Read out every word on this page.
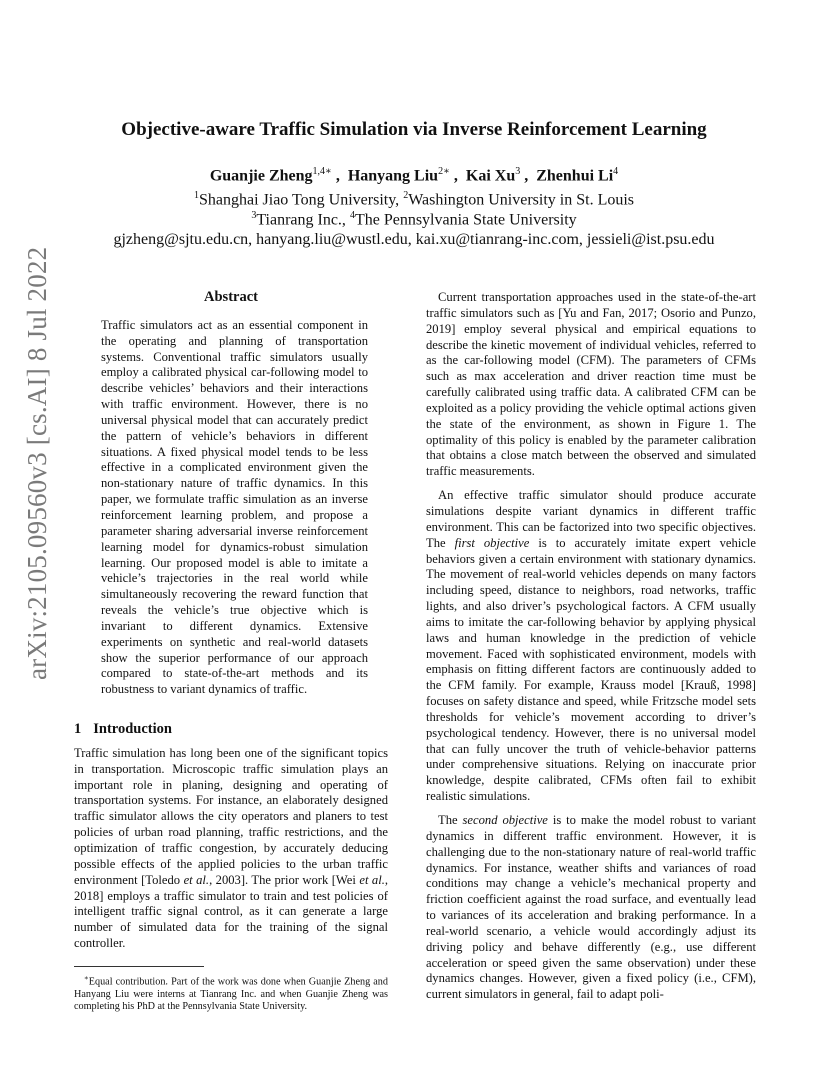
arXiv:2105.09560v3 [cs.AI] 8 Jul 2022
Objective-aware Traffic Simulation via Inverse Reinforcement Learning
Guanjie Zheng$^{1,4∗}$ ,  Hanyang Liu$^{2∗}$ ,  Kai Xu$^3$ ,  Zhenhui Li$^4$
$^1$Shanghai Jiao Tong University, $^2$Washington University in St. Louis
$^3$Tianrang Inc., $^4$The Pennsylvania State University
gjzheng@sjtu.edu.cn, hanyang.liu@wustl.edu, kai.xu@tianrang-inc.com, jessieli@ist.psu.edu
Abstract

Traffic simulators act as an essential component in the operating and planning of transportation systems. Conventional traffic simulators usually employ a calibrated physical car-following model to describe vehicles’ behaviors and their interactions with traffic environment. However, there is no universal physical model that can accurately predict the pattern of vehicle’s behaviors in different situations. A fixed physical model tends to be less effective in a complicated environment given the non-stationary nature of traffic dynamics. In this paper, we formulate traffic simulation as an inverse reinforcement learning problem, and propose a parameter sharing adversarial inverse reinforcement learning model for dynamics-robust simulation learning. Our proposed model is able to imitate a vehicle’s trajectories in the real world while simultaneously recovering the reward function that reveals the vehicle’s true objective which is invariant to different dynamics. Extensive experiments on synthetic and real-world datasets show the superior performance of our approach compared to state-of-the-art methods and its robustness to variant dynamics of traffic.

1 Introduction

Traffic simulation has long been one of the significant topics in transportation. Microscopic traffic simulation plays an important role in planing, designing and operating of transportation systems. For instance, an elaborately designed traffic simulator allows the city operators and planers to test policies of urban road planning, traffic restrictions, and the optimization of traffic congestion, by accurately deducing possible effects of the applied policies to the urban traffic environment [Toledo et al., 2003]. The prior work [Wei et al., 2018] employs a traffic simulator to train and test policies of intelligent traffic signal control, as it can generate a large number of simulated data for the training of the signal controller.

∗Equal contribution. Part of the work was done when Guanjie Zheng and Hanyang Liu were interns at Tianrang Inc. and when Guanjie Zheng was completing his PhD at the Pennsylvania State University.

Current transportation approaches used in the state-of-the-art traffic simulators such as [Yu and Fan, 2017; Osorio and Punzo, 2019] employ several physical and empirical equations to describe the kinetic movement of individual vehicles, referred to as the car-following model (CFM). The parameters of CFMs such as max acceleration and driver reaction time must be carefully calibrated using traffic data. A calibrated CFM can be exploited as a policy providing the vehicle optimal actions given the state of the environment, as shown in Figure 1. The optimality of this policy is enabled by the parameter calibration that obtains a close match between the observed and simulated traffic measurements.

An effective traffic simulator should produce accurate simulations despite variant dynamics in different traffic environment. This can be factorized into two specific objectives. The first objective is to accurately imitate expert vehicle behaviors given a certain environment with stationary dynamics. The movement of real-world vehicles depends on many factors including speed, distance to neighbors, road networks, traffic lights, and also driver’s psychological factors. A CFM usually aims to imitate the car-following behavior by applying physical laws and human knowledge in the prediction of vehicle movement. Faced with sophisticated environment, models with emphasis on fitting different factors are continuously added to the CFM family. For example, Krauss model [Krauß, 1998] focuses on safety distance and speed, while Fritzsche model sets thresholds for vehicle’s movement according to driver’s psychological tendency. However, there is no universal model that can fully uncover the truth of vehicle-behavior patterns under comprehensive situations. Relying on inaccurate prior knowledge, despite calibrated, CFMs often fail to exhibit realistic simulations.

The second objective is to make the model robust to variant dynamics in different traffic environment. However, it is challenging due to the non-stationary nature of real-world traffic dynamics. For instance, weather shifts and variances of road conditions may change a vehicle’s mechanical property and friction coefficient against the road surface, and eventually lead to variances of its acceleration and braking performance. In a real-world scenario, a vehicle would accordingly adjust its driving policy and behave differently (e.g., use different acceleration or speed given the same observation) under these dynamics changes. However, given a fixed policy (i.e., CFM), current simulators in general, fail to adapt poli-
